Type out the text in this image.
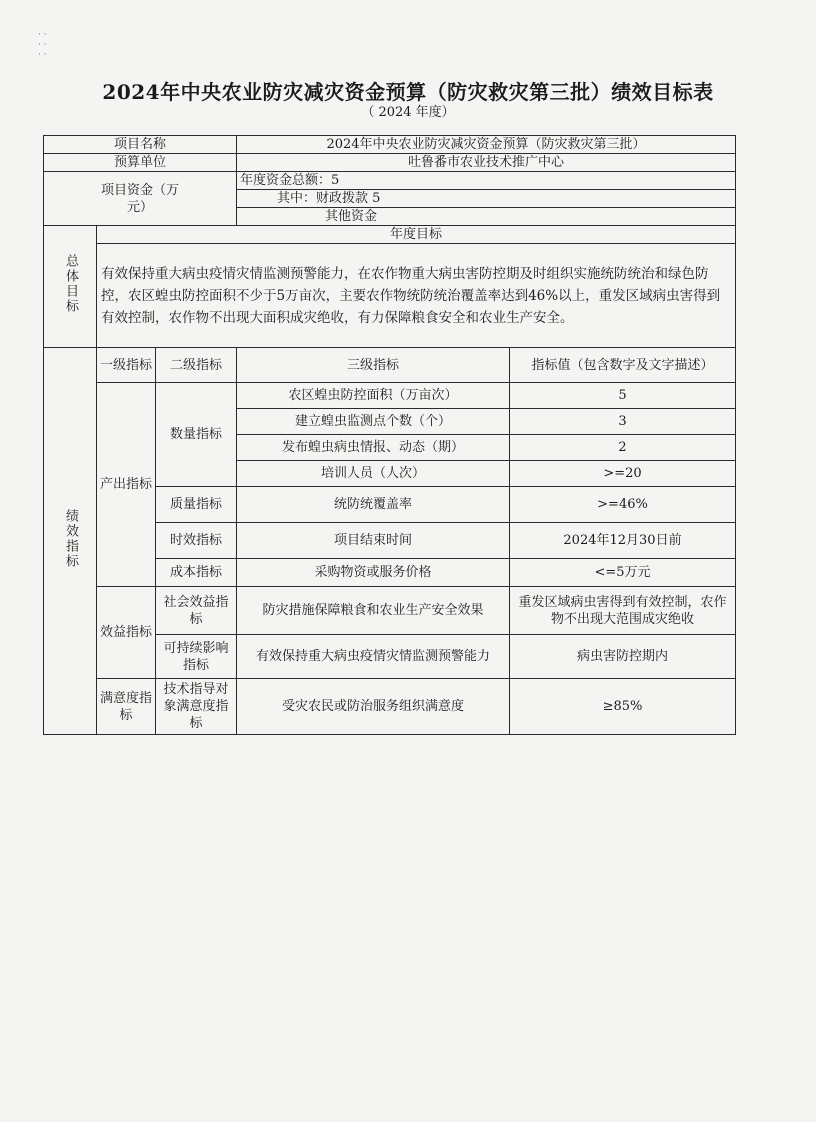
· ·
· ·
· ·
2024年中央农业防灾减灾资金预算（防灾救灾第三批）绩效目标表
（ 2024 年度）
项目名称			2024年中央农业防灾减灾资金预算（防灾救灾第三批）	
预算单位			吐鲁番市农业技术推广中心	
项目资金（万元）			年度资金总额：5	
			其中：财政拨款 5	
			其他资金	
总体目标	年度目标			
	有效保持重大病虫疫情灾情监测预警能力，在农作物重大病虫害防控期及时组织实施统防统治和绿色防控，农区蝗虫防控面积不少于5万亩次，主要农作物统防统治覆盖率达到46%以上，重发区域病虫害得到有效控制，农作物不出现大面积成灾绝收，有力保障粮食安全和农业生产安全。			
绩效指标	一级指标	二级指标	三级指标	指标值（包含数字及文字描述）
	产出指标	数量指标	农区蝗虫防控面积（万亩次）	5
			建立蝗虫监测点个数（个）	3
			发布蝗虫病虫情报、动态（期）	2
			培训人员（人次）	>=20
		质量指标	统防统覆盖率	>=46%
		时效指标	项目结束时间	2024年12月30日前
		成本指标	采购物资或服务价格	<=5万元
	效益指标	社会效益指标	防灾措施保障粮食和农业生产安全效果	重发区域病虫害得到有效控制，农作物不出现大范围成灾绝收
		可持续影响指标	有效保持重大病虫疫情灾情监测预警能力	病虫害防控期内
	满意度指标	技术指导对象满意度指标	受灾农民或防治服务组织满意度	≥85%
